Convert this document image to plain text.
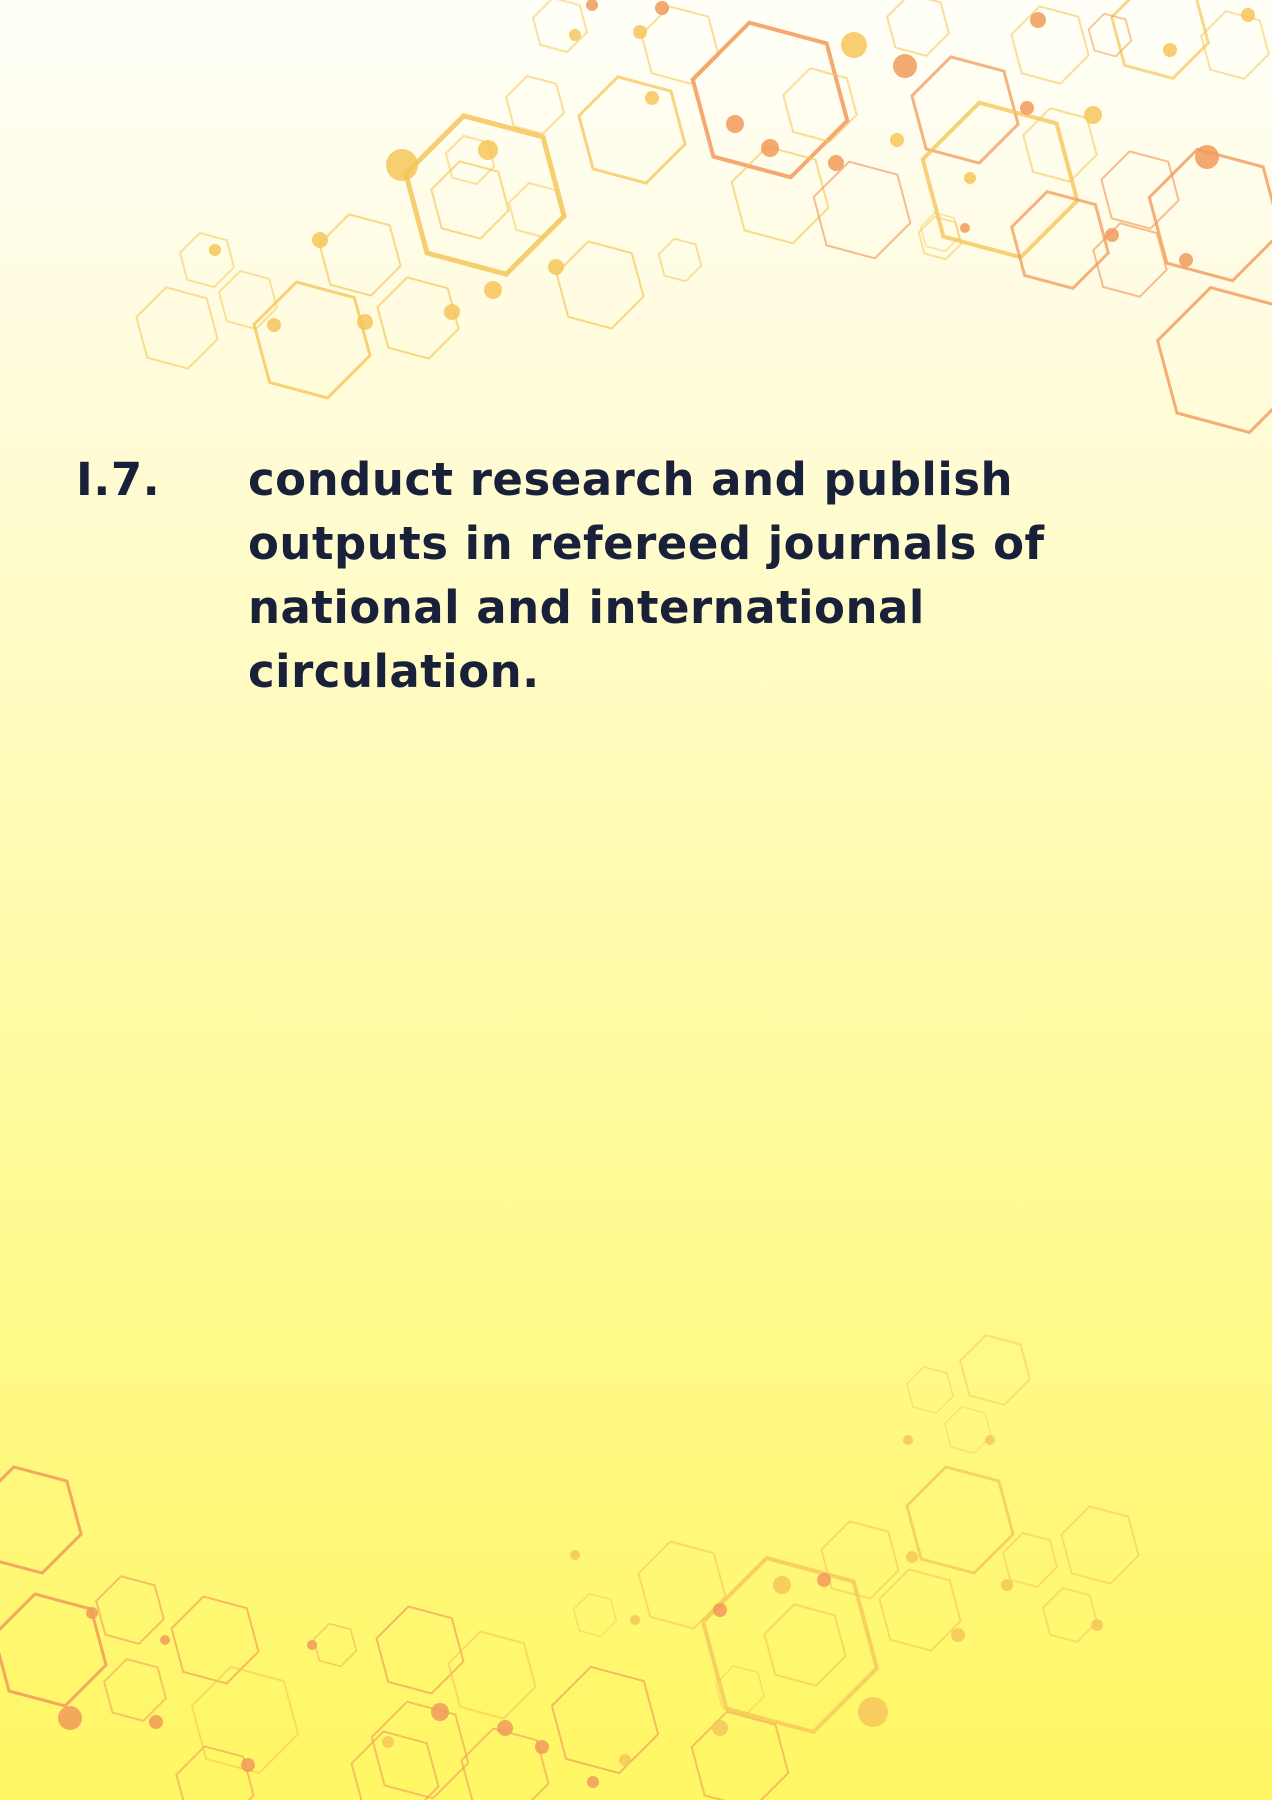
I.7.	conduct research and publish outputs in refereed journals of national and international circulation.
